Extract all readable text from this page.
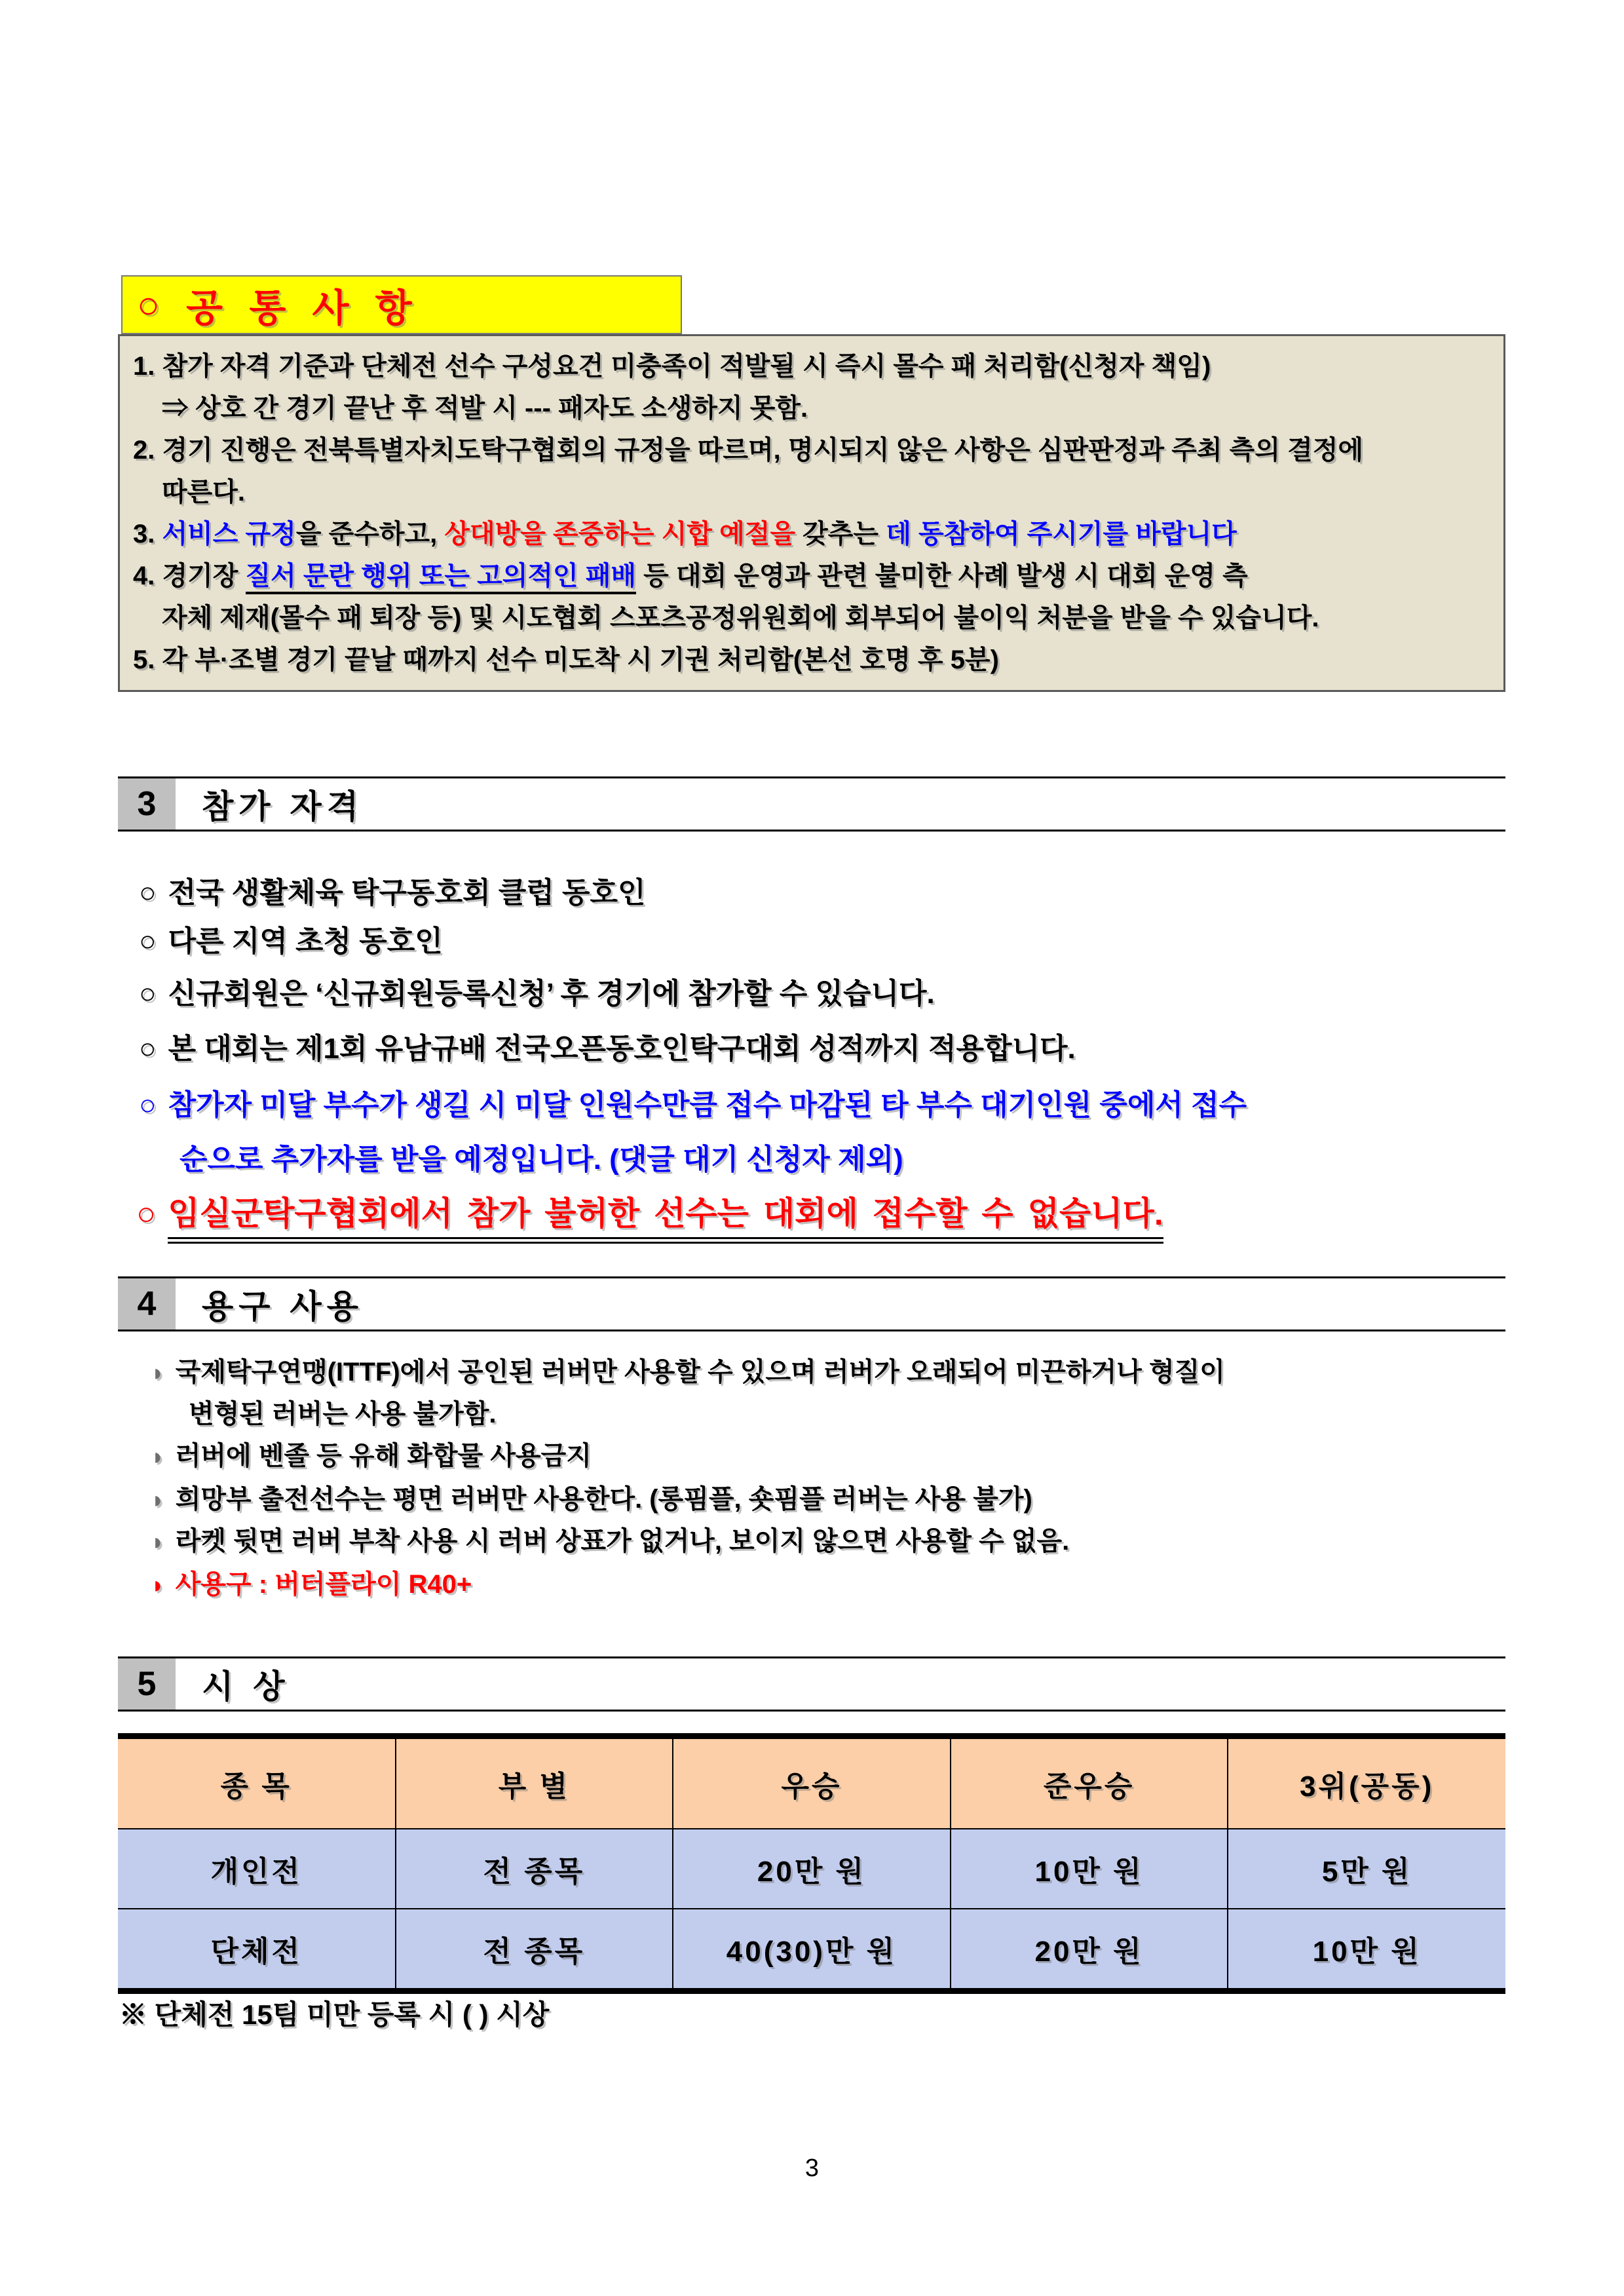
○
공 통 사 항
1. 참가 자격 기준과 단체전 선수 구성요건 미충족이 적발될 시 즉시 몰수 패 처리함(신청자 책임)
⇒ 상호 간 경기 끝난 후 적발 시 --- 패자도 소생하지 못함.
2. 경기 진행은 전북특별자치도탁구협회의 규정을 따르며, 명시되지 않은 사항은 심판판정과 주최 측의 결정에
따른다.
3. 서비스 규정을 준수하고, 상대방을 존중하는 시합 예절을 갖추는 데 동참하여 주시기를 바랍니다
4. 경기장 질서 문란 행위 또는 고의적인 패배 등 대회 운영과 관련 불미한 사례 발생 시 대회 운영 측
자체 제재(몰수 패 퇴장 등) 및 시도협회 스포츠공정위원회에 회부되어 불이익 처분을 받을 수 있습니다.
5. 각 부·조별 경기 끝날 때까지 선수 미도착 시 기권 처리함(본선 호명 후 5분)
3	참가 자격
○ 전국 생활체육 탁구동호회 클럽 동호인
○ 다른 지역 초청 동호인
○ 신규회원은 ‘신규회원등록신청’ 후 경기에 참가할 수 있습니다.
○ 본 대회는 제1회 유남규배 전국오픈동호인탁구대회 성적까지 적용합니다.
○ 참가자 미달 부수가 생길 시 미달 인원수만큼 접수 마감된 타 부수 대기인원 중에서 접수
순으로 추가자를 받을 예정입니다. (댓글 대기 신청자 제외)
○ 임실군탁구협회에서 참가 불허한 선수는 대회에 접수할 수 없습니다.
4	용구 사용
◗ 국제탁구연맹(ITTF)에서 공인된 러버만 사용할 수 있으며 러버가 오래되어 미끈하거나 형질이
변형된 러버는 사용 불가함.
◗ 러버에 벤졸 등 유해 화합물 사용금지
◗ 희망부 출전선수는 평면 러버만 사용한다. (롱핌플, 숏핌플 러버는 사용 불가)
◗ 라켓 뒷면 러버 부착 사용 시 러버 상표가 없거나, 보이지 않으면 사용할 수 없음.
◗ 사용구 : 버터플라이 R40+
5	시 상
종 목	부 별	우승	준우승	3위(공동)
개인전	전 종목	20만 원	10만 원	5만 원
단체전	전 종목	40(30)만 원	20만 원	10만 원
※ 단체전 15팀 미만 등록 시 ( ) 시상
3
